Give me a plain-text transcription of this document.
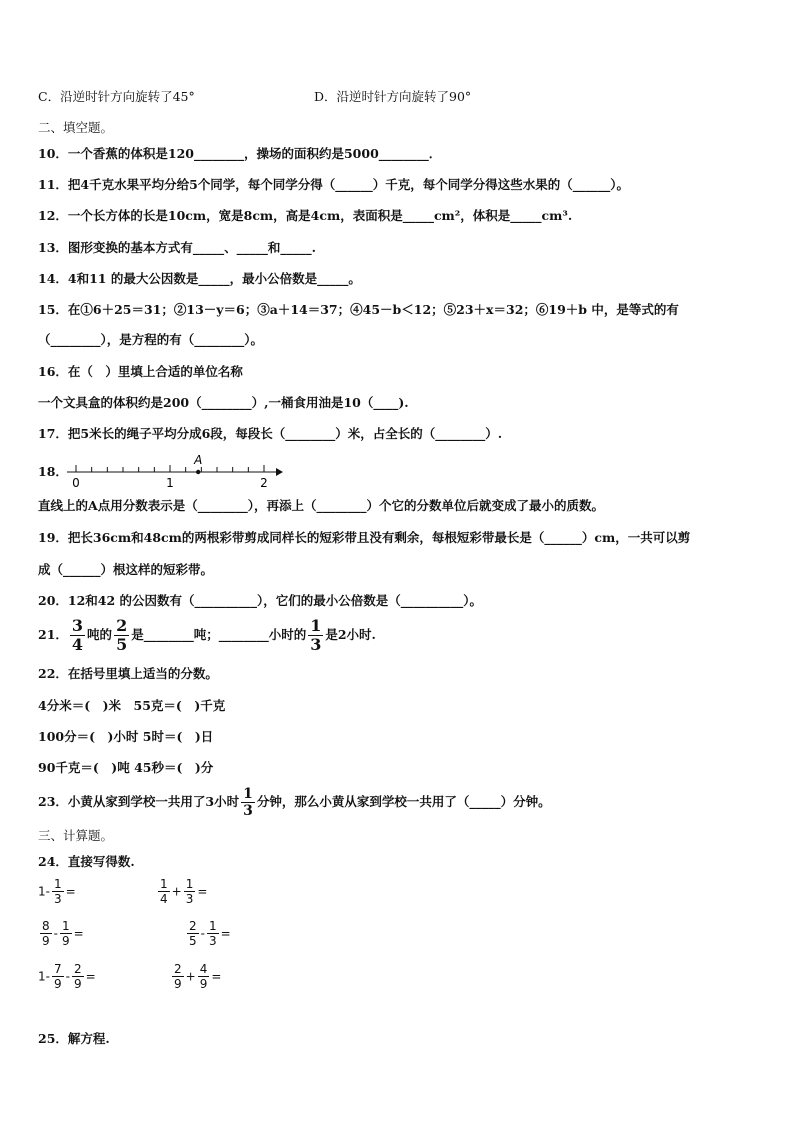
C．沿逆时针方向旋转了45°	D．沿逆时针方向旋转了90°
二、填空题。
10．一个香蕉的体积是120________，操场的面积约是5000________．
11．把4千克水果平均分给5个同学，每个同学分得（______）千克，每个同学分得这些水果的（______）。
12．一个长方体的长是10cm，宽是8cm，高是4cm，表面积是_____cm²，体积是_____cm³.
13．图形变换的基本方式有_____、_____和_____.
14．4和11 的最大公因数是_____，最小公倍数是_____。
15．在①6＋25＝31；②13－y＝6；③a＋14＝37；④45－b＜12；⑤23＋x＝32；⑥19＋b 中，是等式的有
（________），是方程的有（________）。
16．在（　）里填上合适的单位名称
一个文具盒的体积约是200（________）,一桶食用油是10（____).
17．把5米长的绳子平均分成6段，每段长（________）米，占全长的（________）.
18．
A
0	1	2
直线上的A点用分数表示是（________），再添上（________）个它的分数单位后就变成了最小的质数。
19．把长36cm和48cm的两根彩带剪成同样长的短彩带且没有剩余，每根短彩带最长是（______）cm，一共可以剪
成（______）根这样的短彩带。
20．12和42 的公因数有（__________），它们的最小公倍数是（__________）。
21． $\frac{3}{4}$ 吨的 $\frac{2}{5}$ 是________吨；________小时的 $\frac{1}{3}$ 是2小时.
22．在括号里填上适当的分数。
4分米＝(　)米　55克＝(　)千克
100分＝(　)小时 5时＝(　)日
90千克＝(　)吨 45秒＝(　)分
23．小黄从家到学校一共用了3小时 $\frac{1}{3}$ 分钟，那么小黄从家到学校一共用了（_____）分钟。
三、计算题。
24．直接写得数.
$1- \frac{1}{3}$ =	$\frac{1}{4} + \frac{1}{3}$ =
$\frac{8}{9} - \frac{1}{9}$ =	$\frac{2}{5} - \frac{1}{3}$ =
$1- \frac{7}{9} - \frac{2}{9}$ =	$\frac{2}{9} + \frac{4}{9}$ =
25．解方程.
